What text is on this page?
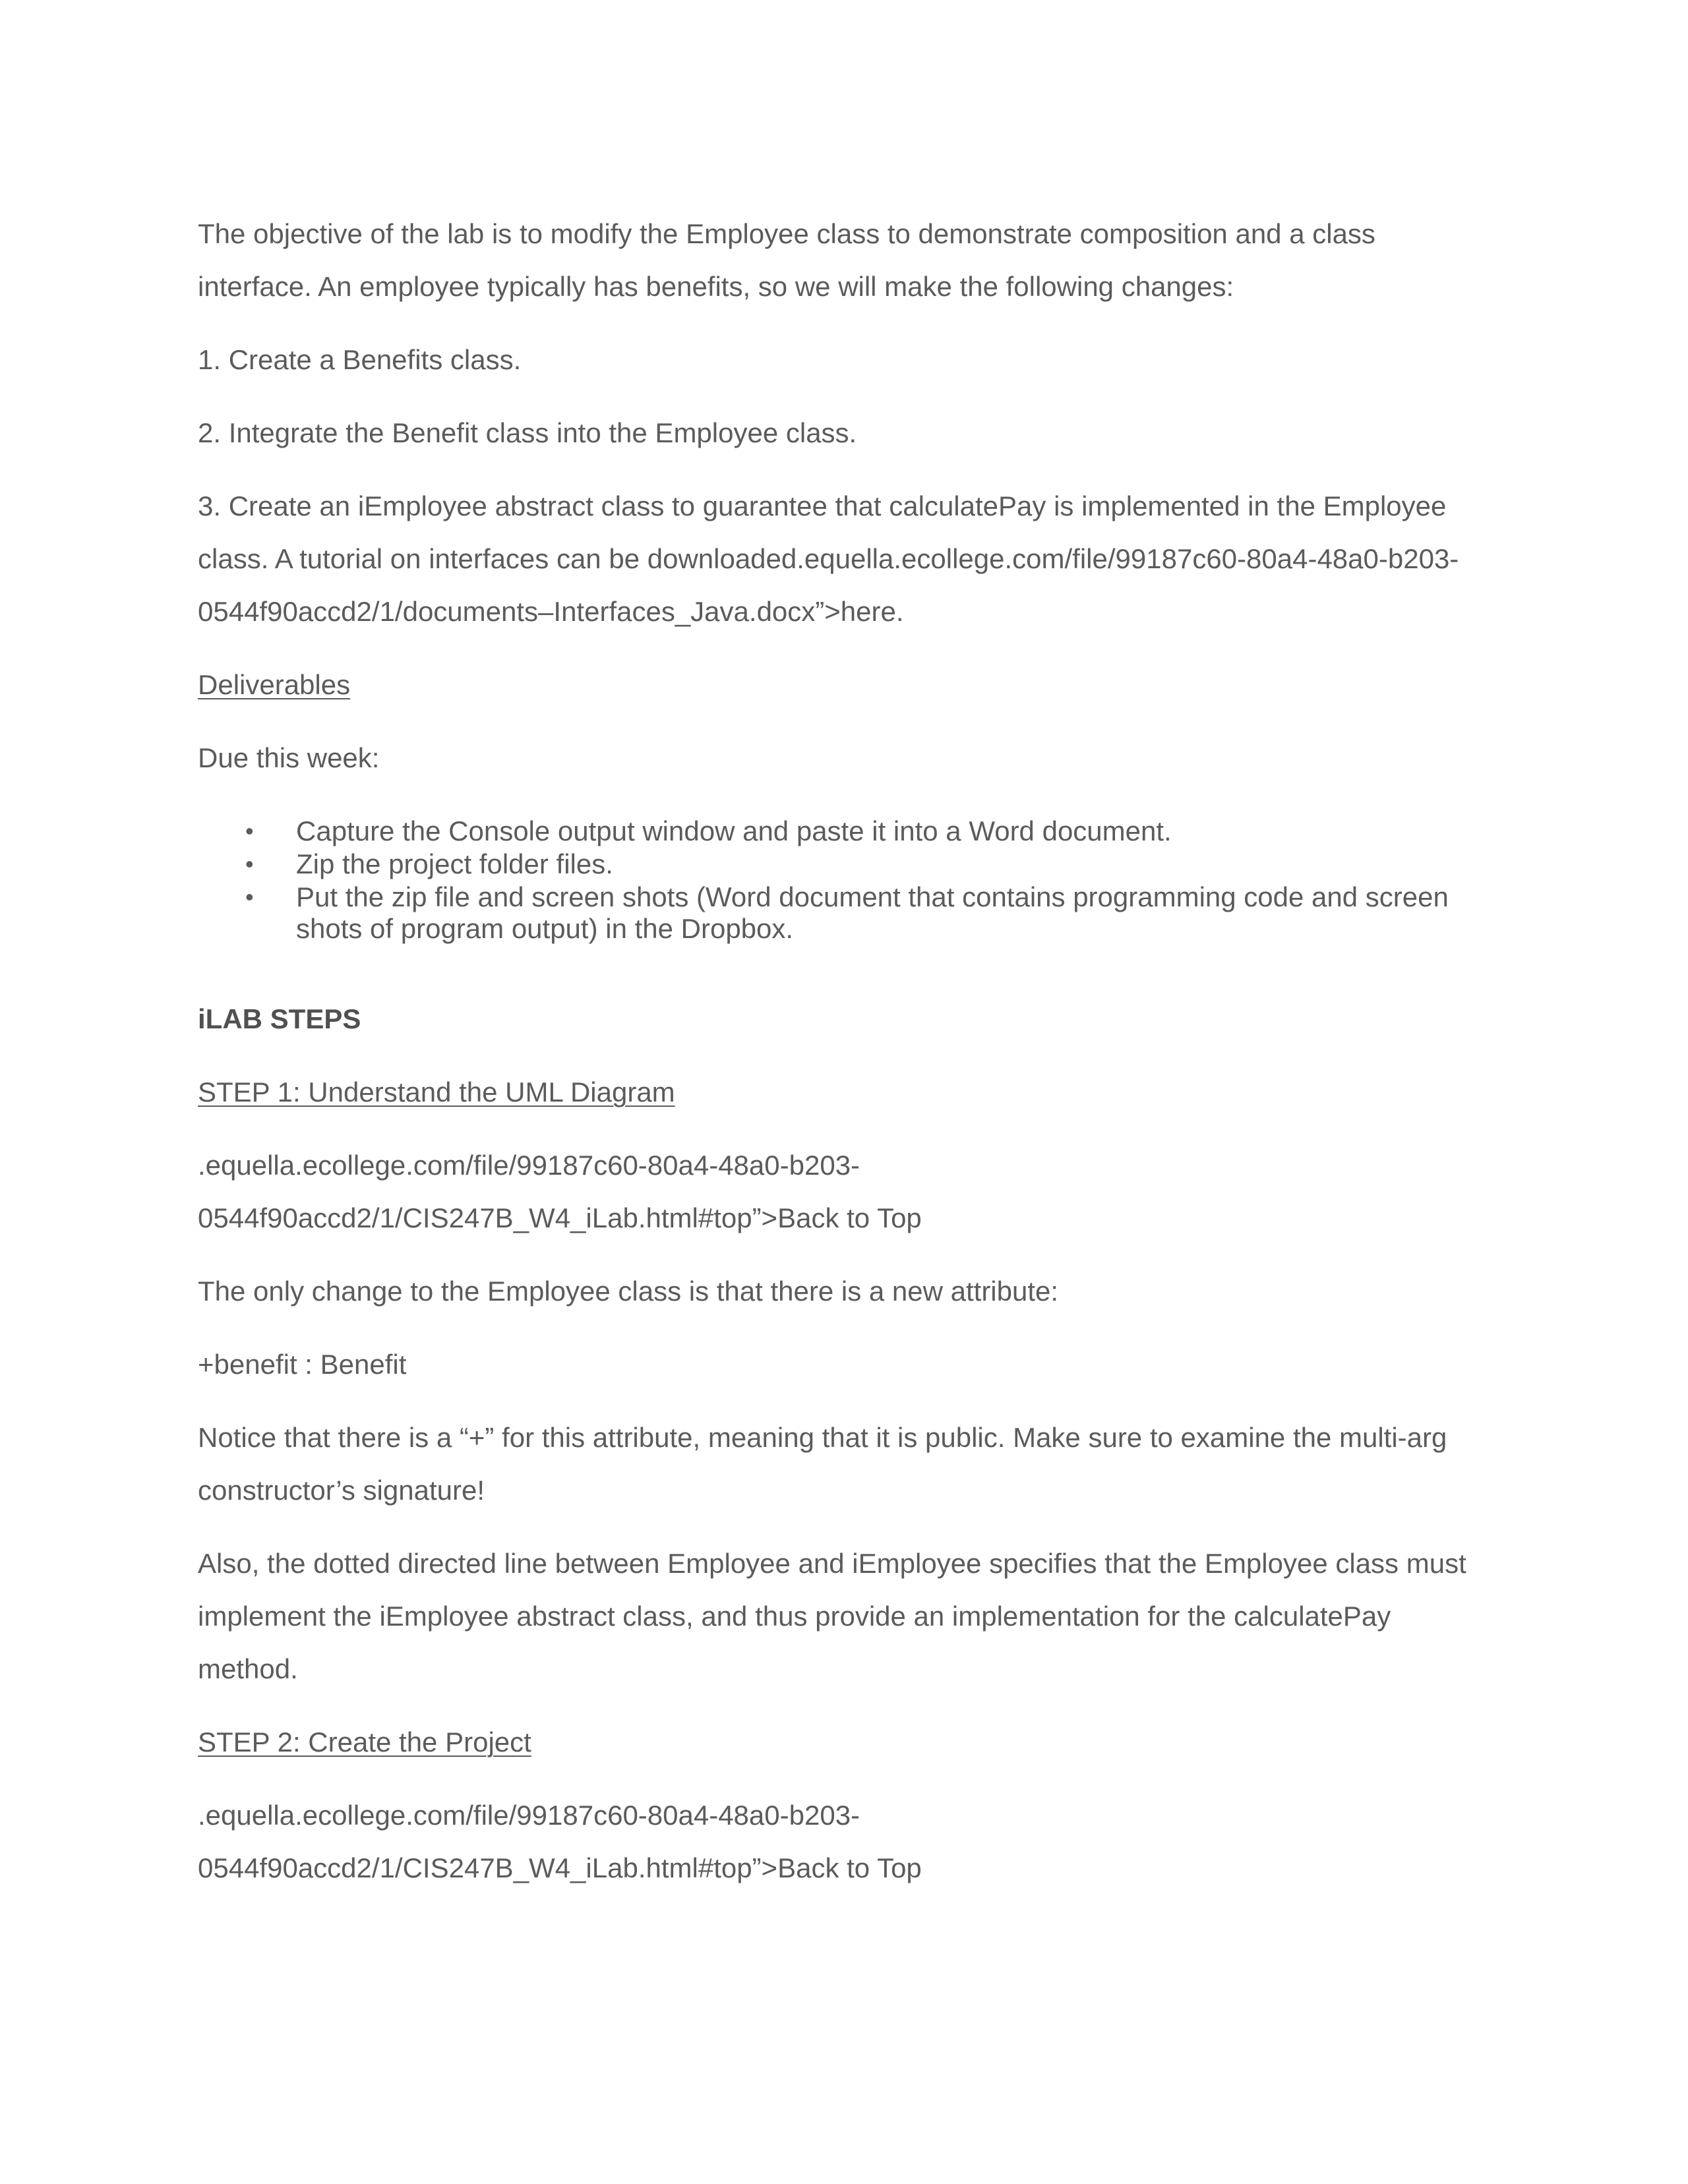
The objective of the lab is to modify the Employee class to demonstrate composition and a class
interface. An employee typically has benefits, so we will make the following changes:
1. Create a Benefits class.
2. Integrate the Benefit class into the Employee class.
3. Create an iEmployee abstract class to guarantee that calculatePay is implemented in the Employee
class. A tutorial on interfaces can be downloaded.equella.ecollege.com/file/99187c60-80a4-48a0-b203-
0544f90accd2/1/documents–Interfaces_Java.docx”>here.
Deliverables
Due this week:
• Capture the Console output window and paste it into a Word document.
• Zip the project folder files.
• Put the zip file and screen shots (Word document that contains programming code and screen
shots of program output) in the Dropbox.
iLAB STEPS
STEP 1: Understand the UML Diagram
.equella.ecollege.com/file/99187c60-80a4-48a0-b203-
0544f90accd2/1/CIS247B_W4_iLab.html#top”>Back to Top
The only change to the Employee class is that there is a new attribute:
+benefit : Benefit
Notice that there is a “+” for this attribute, meaning that it is public. Make sure to examine the multi-arg
constructor’s signature!
Also, the dotted directed line between Employee and iEmployee specifies that the Employee class must
implement the iEmployee abstract class, and thus provide an implementation for the calculatePay
method.
STEP 2: Create the Project
.equella.ecollege.com/file/99187c60-80a4-48a0-b203-
0544f90accd2/1/CIS247B_W4_iLab.html#top”>Back to Top
